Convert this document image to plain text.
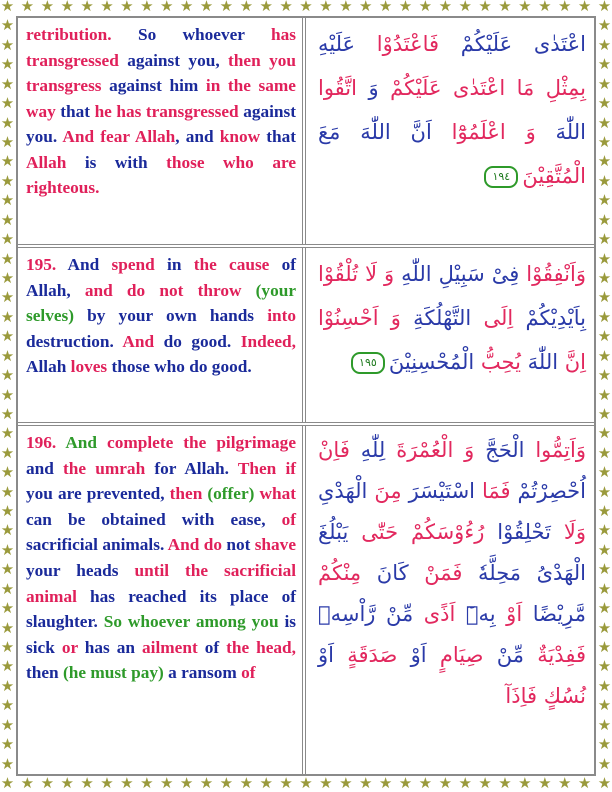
★
★
★
★
★
★
★
★
★
★
★
★
★
★
★
★
★
★
★
★
★
★
★
★
★
★
★
★
★
★
★
★
★
★
★
★
★
★
★
★
★
★
★
★
★
★
★
★
★
★
★
★
★
★
★
★
★
★
★
★
★
★
★	★
★	★
★	★
★	★
★	★
★	★
★	★
★	★
★	★
★	★
★	★
★	★
★	★
★	★
★	★
★	★
★	★
★	★
★	★
★	★
★	★
★	★
★	★
★	★
★	★
★	★
★	★
★	★
★	★
★	★
★	★
★	★
★	★
★	★
★	★
★	★
★	★
★	★
★	★
retribution. So whoever has transgressed against you, then you transgress against him in the same way that he has transgressed against you. And fear Allah, and know that Allah is with those who are righteous.
اعْتَدٰى عَلَيْكُمْ فَاعْتَدُوْا عَلَيْهِ بِمِثْلِ مَا اعْتَدٰى عَلَيْكُمْ وَ اتَّقُوا اللّٰهَ وَ اعْلَمُوْٓا اَنَّ اللّٰهَ مَعَ الْمُتَّقِيْنَ١٩٤
195. And spend in the cause of Allah, and do not throw (your selves) by your own hands into destruction. And do good. Indeed, Allah loves those who do good.
وَاَنْفِقُوْا فِىْ سَبِيْلِ اللّٰهِ وَ لَا تُلْقُوْا بِاَيْدِيْكُمْ اِلَى التَّهْلُكَةِ وَ اَحْسِنُوْا اِنَّ اللّٰهَ يُحِبُّ الْمُحْسِنِيْنَ١٩٥
196. And complete the pilgrimage and the umrah for Allah. Then if you are prevented, then (offer) what can be obtained with ease, of sacrificial animals. And do not shave your heads until the sacrificial animal has reached its place of slaughter. So whoever among you is sick or has an ailment of the head, then (he must pay) a ransom of
وَاَتِمُّوا الْحَجَّ وَ الْعُمْرَةَ لِلّٰهِ فَاِنْ اُحْصِرْتُمْ فَمَا اسْتَيْسَرَ مِنَ الْهَدْىِ وَلَا تَحْلِقُوْا رُءُوْسَكُمْ حَتّٰى يَبْلُغَ الْهَدْىُ مَحِلَّهٗ فَمَنْ كَانَ مِنْكُمْ مَّرِيْضًا اَوْ بِهٖٓ اَذًى مِّنْ رَّاْسِهٖ فَفِدْيَةٌ مِّنْ صِيَامٍ اَوْ صَدَقَةٍ اَوْ نُسُكٍ فَاِذَآ
